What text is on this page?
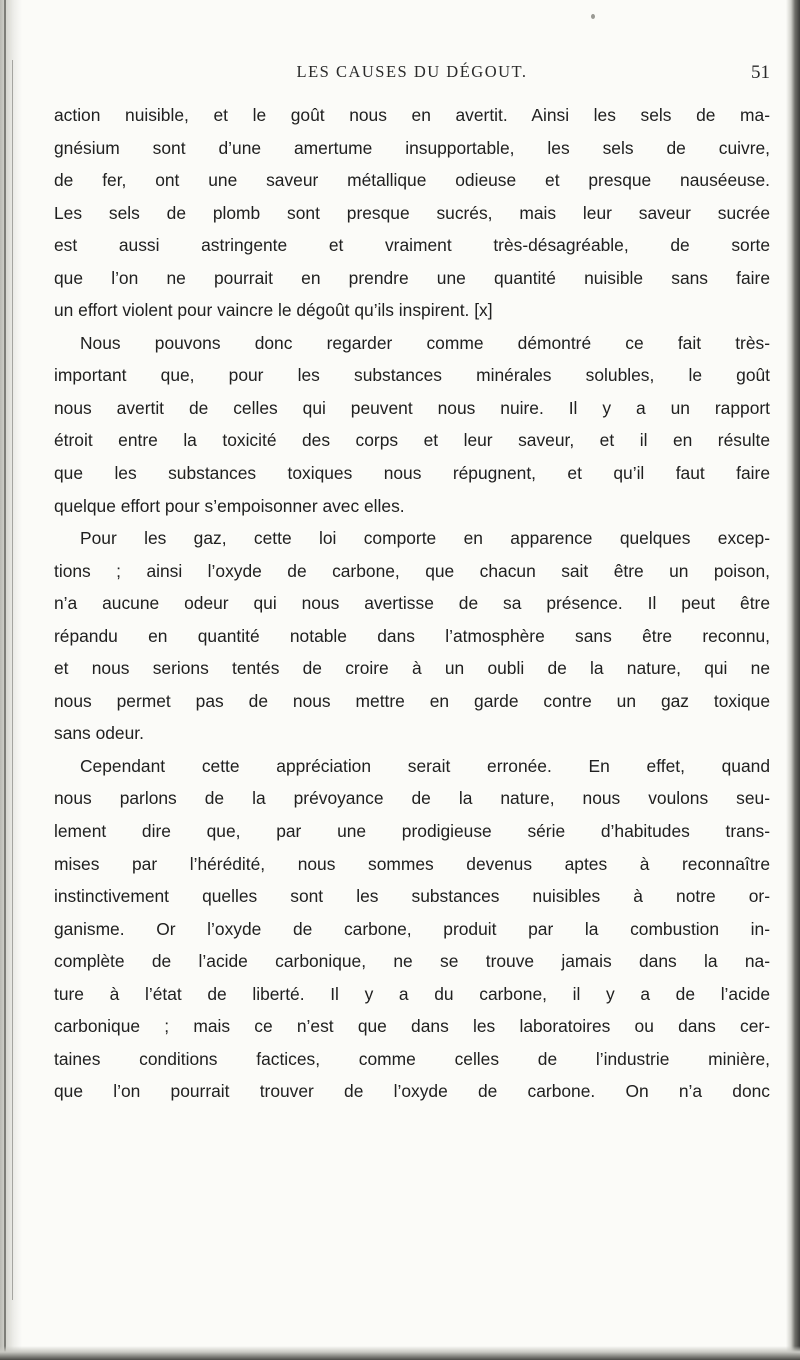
LES CAUSES DU DÉGOUT.	51
action nuisible, et le goût nous en avertit. Ainsi les sels de ma-
gnésium sont d’une amertume insupportable, les sels de cuivre,
de fer, ont une saveur métallique odieuse et presque nauséeuse.
Les sels de plomb sont presque sucrés, mais leur saveur sucrée
est aussi astringente et vraiment très-désagréable, de sorte
que l’on ne pourrait en prendre une quantité nuisible sans faire
un effort violent pour vaincre le dégoût qu’ils inspirent. [x]
Nous pouvons donc regarder comme démontré ce fait très-
important que, pour les substances minérales solubles, le goût
nous avertit de celles qui peuvent nous nuire. Il y a un rapport
étroit entre la toxicité des corps et leur saveur, et il en résulte
que les substances toxiques nous répugnent, et qu’il faut faire
quelque effort pour s’empoisonner avec elles.
Pour les gaz, cette loi comporte en apparence quelques excep-
tions ; ainsi l’oxyde de carbone, que chacun sait être un poison,
n’a aucune odeur qui nous avertisse de sa présence. Il peut être
répandu en quantité notable dans l’atmosphère sans être reconnu,
et nous serions tentés de croire à un oubli de la nature, qui ne
nous permet pas de nous mettre en garde contre un gaz toxique
sans odeur.
Cependant cette appréciation serait erronée. En effet, quand
nous parlons de la prévoyance de la nature, nous voulons seu-
lement dire que, par une prodigieuse série d’habitudes trans-
mises par l’hérédité, nous sommes devenus aptes à reconnaître
instinctivement quelles sont les substances nuisibles à notre or-
ganisme. Or l’oxyde de carbone, produit par la combustion in-
complète de l’acide carbonique, ne se trouve jamais dans la na-
ture à l’état de liberté. Il y a du carbone, il y a de l’acide
carbonique ; mais ce n’est que dans les laboratoires ou dans cer-
taines conditions factices, comme celles de l’industrie minière,
que l’on pourrait trouver de l’oxyde de carbone. On n’a donc
